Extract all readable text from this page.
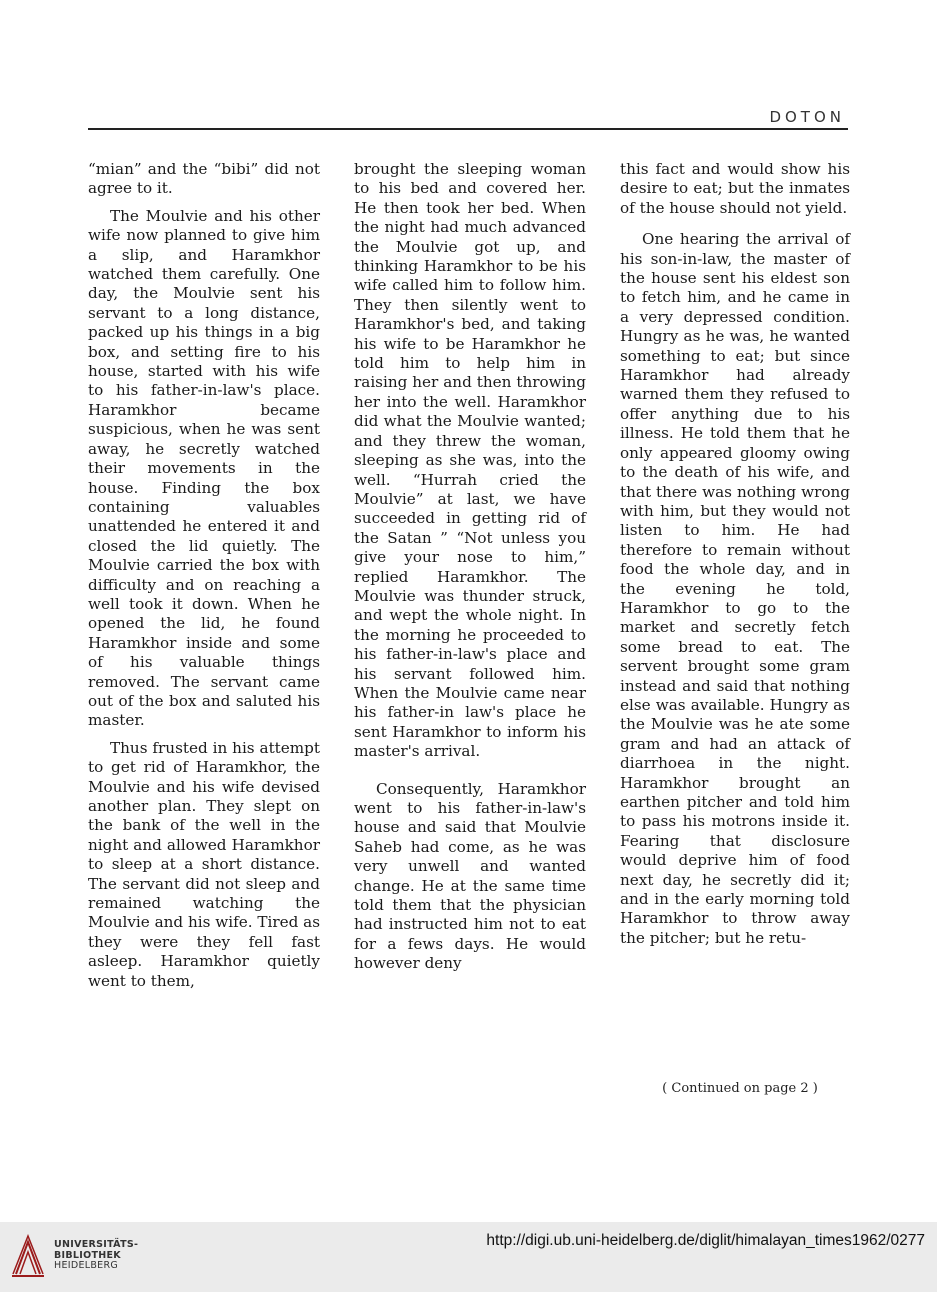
DOTON

“mian” and the “bibi” did not agree to it.

The Moulvie and his other wife now planned to give him a slip, and Haramkhor watched them carefully. One day, the Moulvie sent his servant to a long distance, packed up his things in a big box, and setting fire to his house, started with his wife to his father-in-law's place. Haramkhor became suspicious, when he was sent away, he secretly watched their movements in the house. Finding the box containing valuables unattended he entered it and closed the lid quietly. The Moulvie carried the box with difficulty and on reaching a well took it down. When he opened the lid, he found Haramkhor inside and some of his valuable things removed. The servant came out of the box and saluted his master.

Thus frusted in his attempt to get rid of Haramkhor, the Moulvie and his wife devised another plan. They slept on the bank of the well in the night and allowed Haramkhor to sleep at a short distance. The servant did not sleep and remained watching the Moulvie and his wife. Tired as they were they fell fast asleep. Haramkhor quietly went to them,

brought the sleeping woman to his bed and covered her. He then took her bed. When the night had much advanced the Moulvie got up, and thinking Haramkhor to be his wife called him to follow him. They then silently went to Haramkhor's bed, and taking his wife to be Haramkhor he told him to help him in raising her and then throwing her into the well. Haramkhor did what the Moulvie wanted; and they threw the woman, sleeping as she was, into the well. “Hurrah cried the Moulvie” at last, we have succeeded in getting rid of the Satan ” “Not unless you give your nose to him,” replied Haramkhor. The Moulvie was thunder struck, and wept the whole night. In the morning he proceeded to his father-in-law's place and his servant followed him. When the Moulvie came near his father-in law's place he sent Haramkhor to inform his master's arrival.

Consequently, Haramkhor went to his father-in-law's house and said that Moulvie Saheb had come, as he was very unwell and wanted change. He at the same time told them that the physician had instructed him not to eat for a fews days. He would however deny

this fact and would show his desire to eat; but the inmates of the house should not yield.

One hearing the arrival of his son-in-law, the master of the house sent his eldest son to fetch him, and he came in a very depressed condition. Hungry as he was, he wanted something to eat; but since Haramkhor had already warned them they refused to offer anything due to his illness. He told them that he only appeared gloomy owing to the death of his wife, and that there was nothing wrong with him, but they would not listen to him. He had therefore to remain without food the whole day, and in the evening he told, Haramkhor to go to the market and secretly fetch some bread to eat. The servent brought some gram instead and said that nothing else was available. Hungry as the Moulvie was he ate some gram and had an attack of diarrhoea in the night. Haramkhor brought an earthen pitcher and told him to pass his motrons inside it. Fearing that disclosure would deprive him of food next day, he secretly did it; and in the early morning told Haramkhor to throw away the pitcher; but he retu-

( Continued on page 2 )
UNIVERSITÄTS-
BIBLIOTHEK
HEIDELBERG
http://digi.ub.uni-heidelberg.de/diglit/himalayan_times1962/0277
